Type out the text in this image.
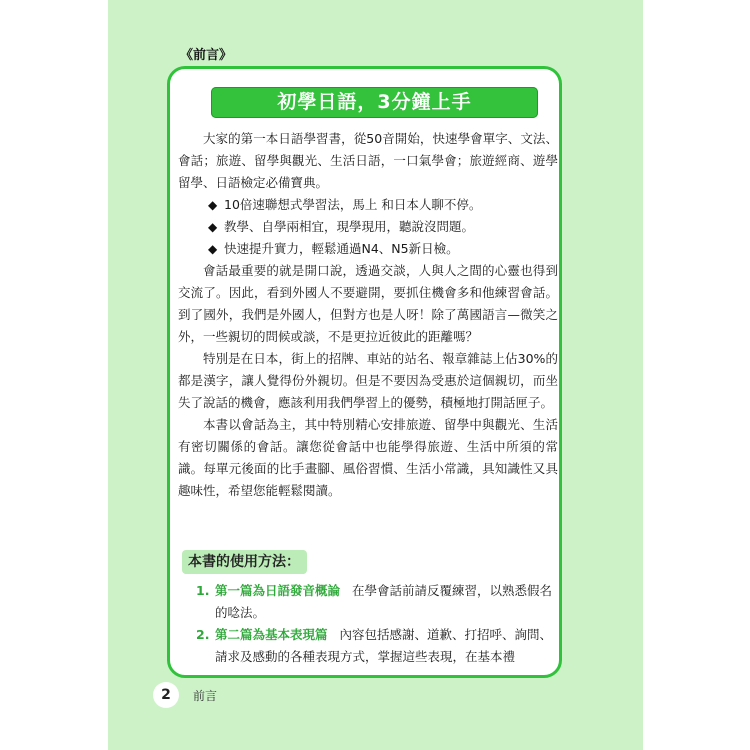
《前言》
初學日語，3分鐘上手

大家的第一本日語學習書，從50音開始，快速學會單字、文法、會話；旅遊、留學與觀光、生活日語，一口氣學會；旅遊經商、遊學留學、日語檢定必備寶典。

◆ 10倍速聯想式學習法，馬上 和日本人聊不停。
◆ 教學、自學兩相宜，現學現用，聽說沒問題。
◆ 快速提升實力，輕鬆通過N4、N5新日檢。

會話最重要的就是開口說，透過交談，人與人之間的心靈也得到交流了。因此，看到外國人不要避開，要抓住機會多和他練習會話。到了國外，我們是外國人，但對方也是人呀！除了萬國語言—微笑之外，一些親切的問候或談，不是更拉近彼此的距離嗎？

特別是在日本，街上的招牌、車站的站名、報章雜誌上佔30%的都是漢字，讓人覺得份外親切。但是不要因為受惠於這個親切，而坐失了說話的機會，應該利用我們學習上的優勢，積極地打開話匣子。

本書以會話為主，其中特別精心安排旅遊、留學中與觀光、生活有密切關係的會話。讓您從會話中也能學得旅遊、生活中所須的常識。每單元後面的比手畫腳、風俗習慣、生活小常識，具知識性又具趣味性，希望您能輕鬆閱讀。

本書的使用方法：
1. 第一篇為日語發音概論 在學會話前請反覆練習，以熟悉假名的唸法。
2. 第二篇為基本表現篇 內容包括感謝、道歉、打招呼、詢問、請求及感動的各種表現方式，掌握這些表現，在基本禮
2	前言
